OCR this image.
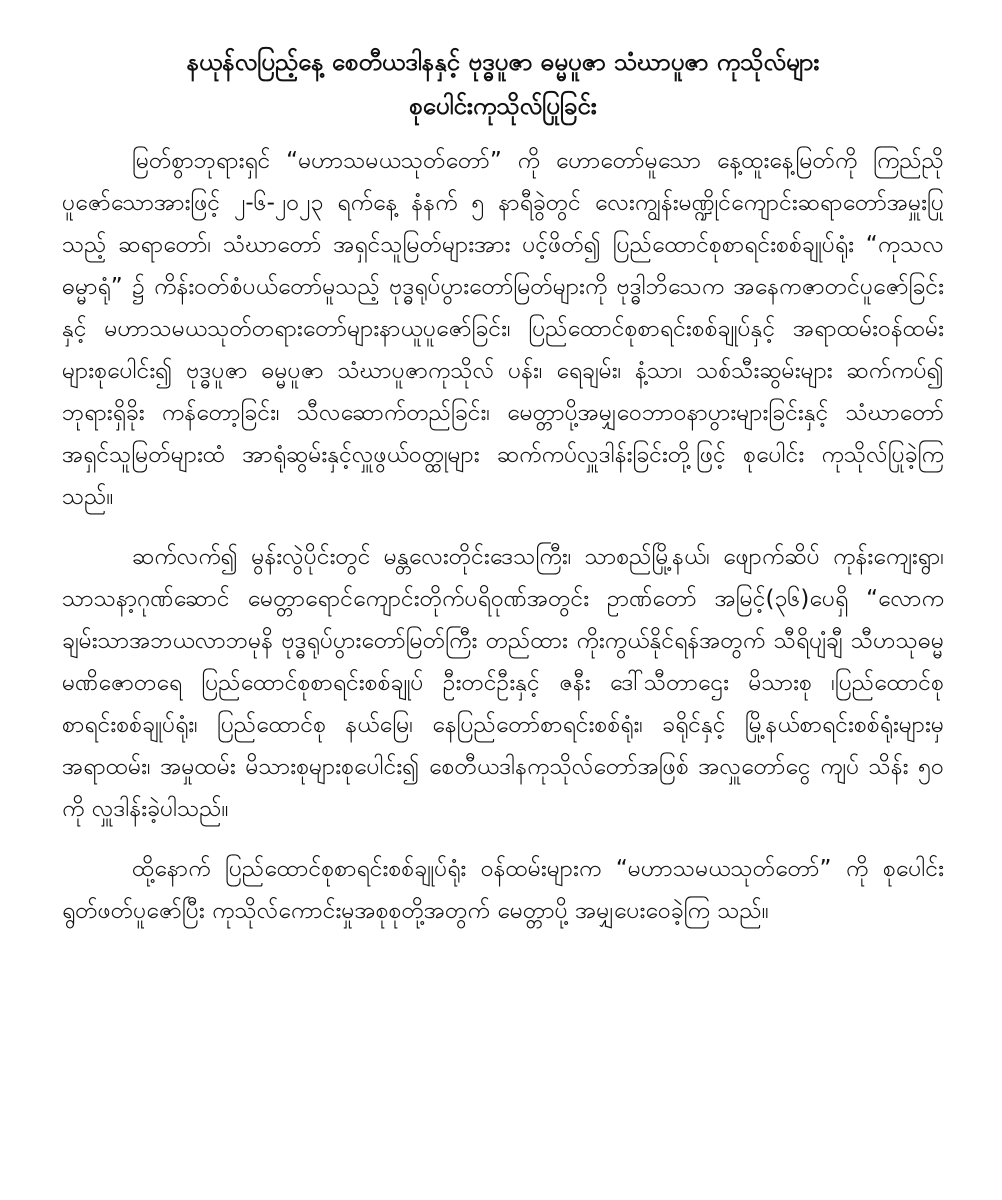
နယုန်လပြည့်နေ့ စေတီယဒါနနှင့် ဗုဒ္ဓပူဇာ ဓမ္မပူဇာ သံဃာပူဇာ ကုသိုလ်များ
စုပေါင်းကုသိုလ်ပြုခြင်း

မြတ်စွာဘုရားရှင် “မဟာသမယသုတ်တော်” ကို ဟောတော်မူသော နေ့ထူးနေ့မြတ်ကို ကြည်ညိုပူဇော်သောအားဖြင့် ၂-၆-၂၀၂၃ ရက်နေ့ နံနက် ၅ နာရီခွဲတွင် လေးကျွန်းမဏ္ဍိုင်ကျောင်းဆရာတော်အမှူးပြုသည့် ဆရာတော်၊ သံဃာတော် အရှင်သူမြတ်များအား ပင့်ဖိတ်၍ ပြည်ထောင်စုစာရင်းစစ်ချုပ်ရုံး “ကုသလဓမ္မာရုံ” ၌ ကိန်းဝတ်စံပယ်တော်မူသည့် ဗုဒ္ဓရုပ်ပွားတော်မြတ်များကို ဗုဒ္ဓါဘိသေက အနေကဇာတင်ပူဇော်ခြင်းနှင့် မဟာသမယသုတ်တရားတော်များနာယူပူဇော်ခြင်း၊ ပြည်ထောင်စုစာရင်းစစ်ချုပ်နှင့် အရာထမ်းဝန်ထမ်းများစုပေါင်း၍ ဗုဒ္ဓပူဇာ ဓမ္မပူဇာ သံဃာပူဇာကုသိုလ် ပန်း၊ ရေချမ်း၊ နံ့သာ၊ သစ်သီးဆွမ်းများ ဆက်ကပ်၍ ဘုရားရှိခိုး ကန်တော့ခြင်း၊ သီလဆောက်တည်ခြင်း၊ မေတ္တာပို့အမျှဝေဘာဝနာပွားများခြင်းနှင့် သံဃာတော် အရှင်သူမြတ်များထံ အာရုံဆွမ်းနှင့်လှူဖွယ်ဝတ္ထုများ ဆက်ကပ်လှူဒါန်းခြင်းတို့ဖြင့် စုပေါင်း ကုသိုလ်ပြုခဲ့ကြသည်။

ဆက်လက်၍ မွန်းလွဲပိုင်းတွင် မန္တလေးတိုင်းဒေသကြီး၊ သာစည်မြို့နယ်၊ ဖျောက်ဆိပ် ကုန်းကျေးရွာ၊ သာသနာ့ဂုဏ်ဆောင် မေတ္တာရောင်ကျောင်းတိုက်ပရိဝုဏ်အတွင်း ဥာဏ်တော် အမြင့်(၃၆)ပေရှိ “လောကချမ်းသာအဘယလာဘမုနိ ဗုဒ္ဓရုပ်ပွားတော်မြတ်ကြီး တည်ထား ကိုးကွယ်နိုင်ရန်အတွက် သီရိပျံချီ သီဟသုဓမ္မမဏိဇောတရေ ပြည်ထောင်စုစာရင်းစစ်ချုပ် ဦးတင်ဦးနှင့် ဇနီး ဒေါ်သီတာဌေး မိသားစု ၊ပြည်ထောင်စုစာရင်းစစ်ချုပ်ရုံး၊ ပြည်ထောင်စု နယ်မြေ၊ နေပြည်တော်စာရင်းစစ်ရုံး၊ ခရိုင်နှင့် မြို့နယ်စာရင်းစစ်ရုံးများမှ အရာထမ်း၊ အမှုထမ်း မိသားစုများစုပေါင်း၍ စေတီယဒါနကုသိုလ်တော်အဖြစ် အလှူတော်ငွေ ကျပ် သိန်း ၅၀ ကို လှူဒါန်းခဲ့ပါသည်။

ထို့နောက် ပြည်ထောင်စုစာရင်းစစ်ချုပ်ရုံး ဝန်ထမ်းများက “မဟာသမယသုတ်တော်” ကို စုပေါင်းရွတ်ဖတ်ပူဇော်ပြီး ကုသိုလ်ကောင်းမှုအစုစုတို့အတွက် မေတ္တာပို့ အမျှပေးဝေခဲ့ကြ သည်။
